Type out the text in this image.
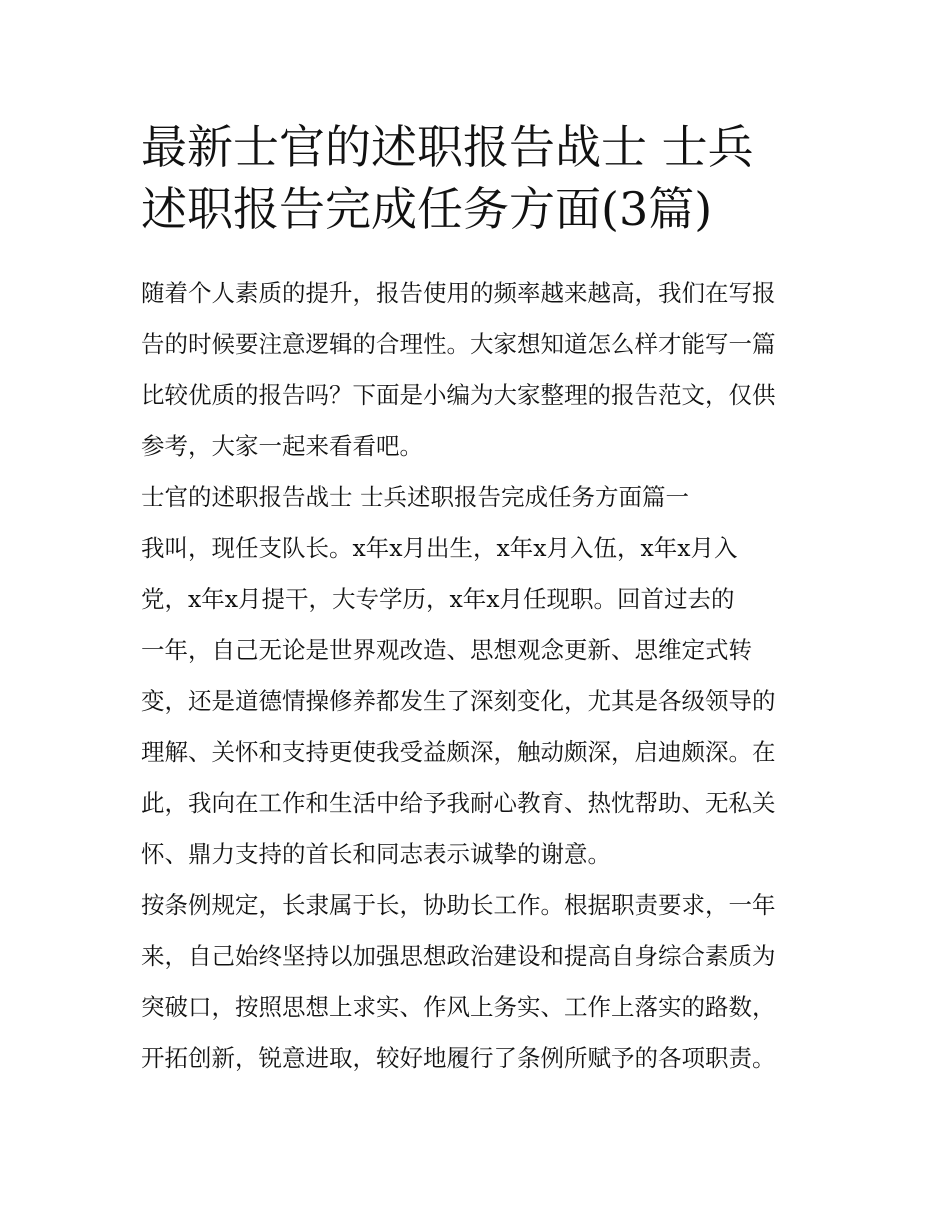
最新士官的述职报告战士 士兵
述职报告完成任务方面(3篇)
随着个人素质的提升，报告使用的频率越来越高，我们在写报
告的时候要注意逻辑的合理性。大家想知道怎么样才能写一篇
比较优质的报告吗？下面是小编为大家整理的报告范文，仅供
参考，大家一起来看看吧。
士官的述职报告战士 士兵述职报告完成任务方面篇一
我叫，现任支队长。x年x月出生，x年x月入伍，x年x月入
党，x年x月提干，大专学历，x年x月任现职。回首过去的
一年，自己无论是世界观改造、思想观念更新、思维定式转
变，还是道德情操修养都发生了深刻变化，尤其是各级领导的
理解、关怀和支持更使我受益颇深，触动颇深，启迪颇深。在
此，我向在工作和生活中给予我耐心教育、热忱帮助、无私关
怀、鼎力支持的首长和同志表示诚挚的谢意。
按条例规定，长隶属于长，协助长工作。根据职责要求，一年
来，自己始终坚持以加强思想政治建设和提高自身综合素质为
突破口，按照思想上求实、作风上务实、工作上落实的路数，
开拓创新，锐意进取，较好地履行了条例所赋予的各项职责。
